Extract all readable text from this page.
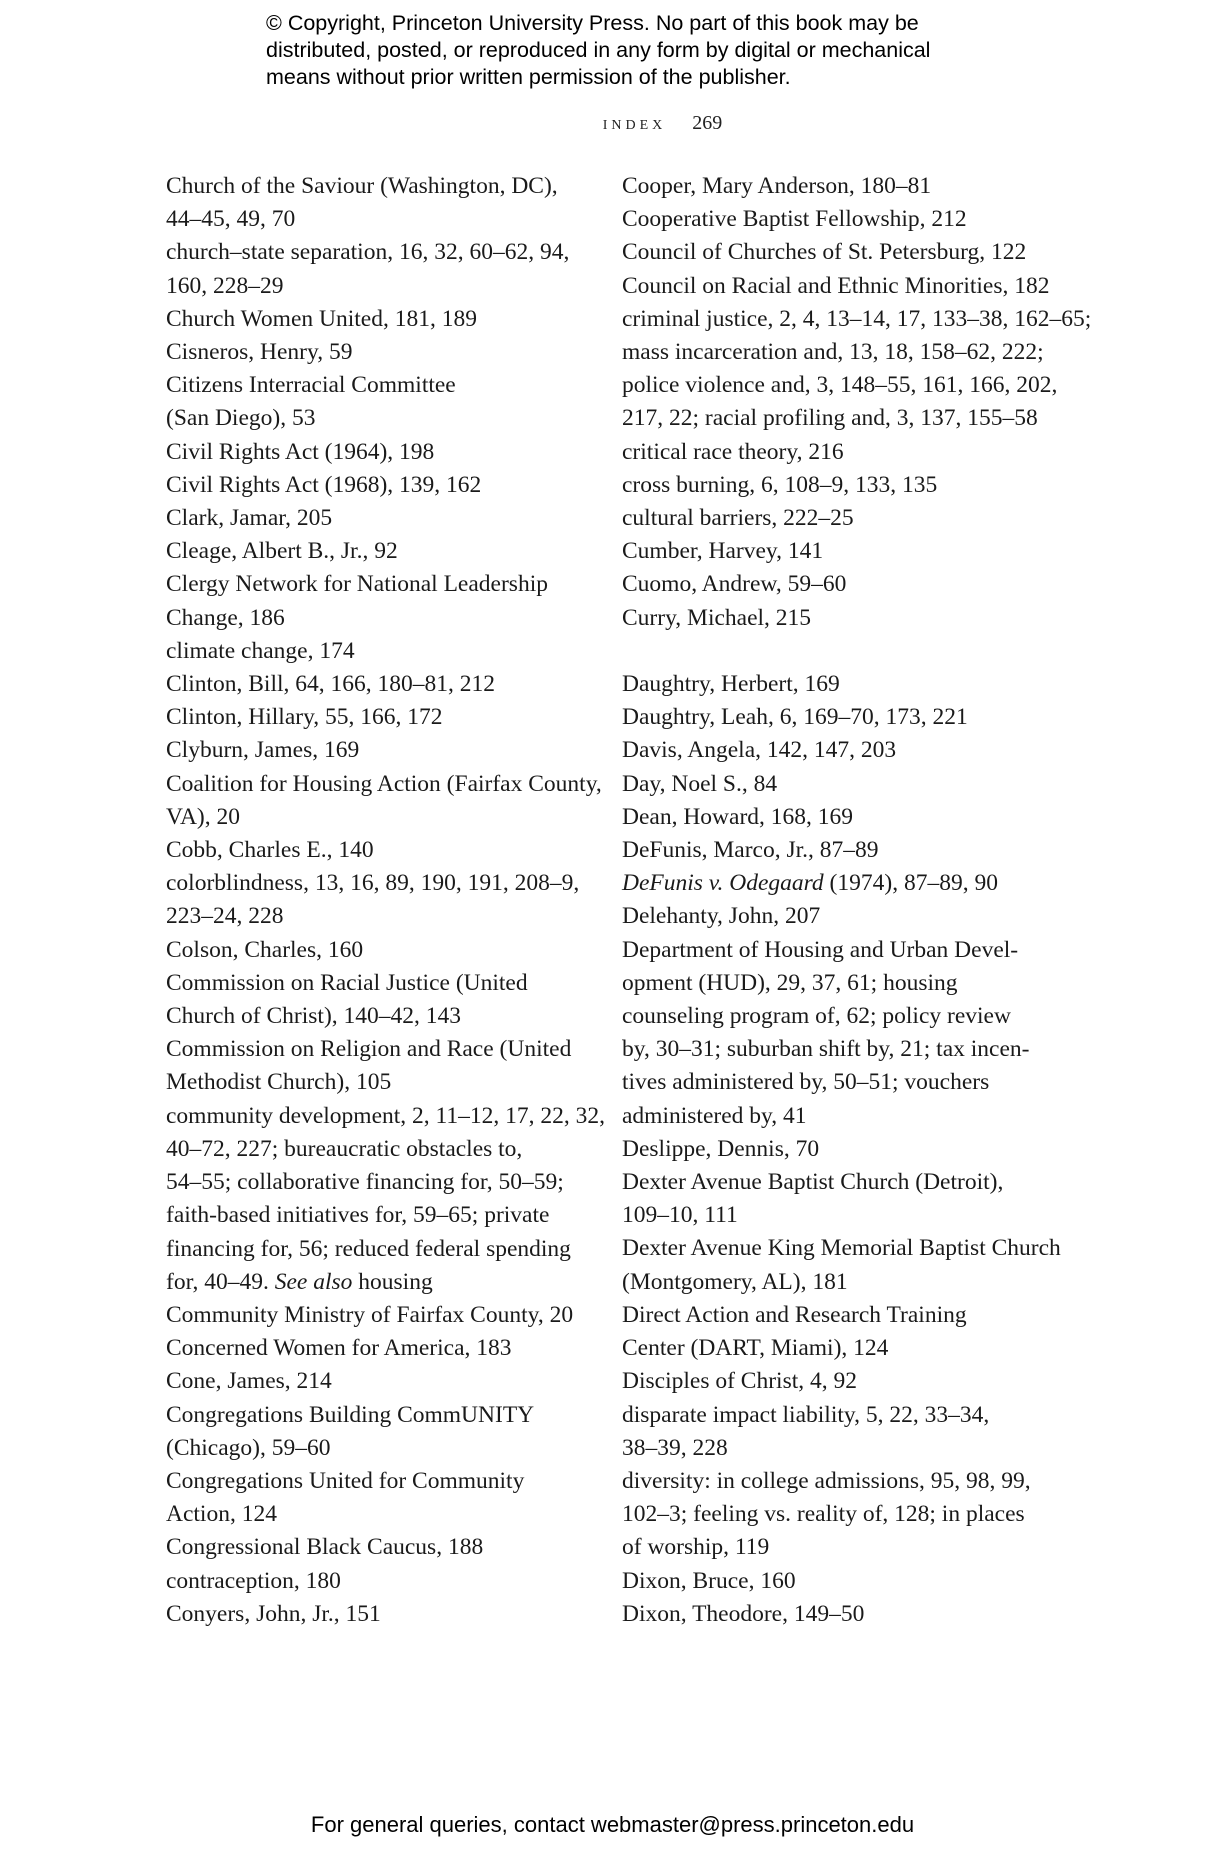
© Copyright, Princeton University Press. No part of this book may be
distributed, posted, or reproduced in any form by digital or mechanical
means without prior written permission of the publisher.
index 269
Church of the Saviour (Washington, DC),
44–45, 49, 70
church–state separation, 16, 32, 60–62, 94,
160, 228–29
Church Women United, 181, 189
Cisneros, Henry, 59
Citizens Interracial Committee
(San Diego), 53
Civil Rights Act (1964), 198
Civil Rights Act (1968), 139, 162
Clark, Jamar, 205
Cleage, Albert B., Jr., 92
Clergy Network for National Leadership
Change, 186
climate change, 174
Clinton, Bill, 64, 166, 180–81, 212
Clinton, Hillary, 55, 166, 172
Clyburn, James, 169
Coalition for Housing Action (Fairfax County,
VA), 20
Cobb, Charles E., 140
colorblindness, 13, 16, 89, 190, 191, 208–9,
223–24, 228
Colson, Charles, 160
Commission on Racial Justice (United
Church of Christ), 140–42, 143
Commission on Religion and Race (United
Methodist Church), 105
community development, 2, 11–12, 17, 22, 32,
40–72, 227; bureaucratic obstacles to,
54–55; collaborative financing for, 50–59;
faith-based initiatives for, 59–65; private
financing for, 56; reduced federal spending
for, 40–49. See also housing
Community Ministry of Fairfax County, 20
Concerned Women for America, 183
Cone, James, 214
Congregations Building CommUNITY
(Chicago), 59–60
Congregations United for Community
Action, 124
Congressional Black Caucus, 188
contraception, 180
Conyers, John, Jr., 151
Cooper, Mary Anderson, 180–81
Cooperative Baptist Fellowship, 212
Council of Churches of St. Petersburg, 122
Council on Racial and Ethnic Minorities, 182
criminal justice, 2, 4, 13–14, 17, 133–38, 162–65;
mass incarceration and, 13, 18, 158–62, 222;
police violence and, 3, 148–55, 161, 166, 202,
217, 22; racial profiling and, 3, 137, 155–58
critical race theory, 216
cross burning, 6, 108–9, 133, 135
cultural barriers, 222–25
Cumber, Harvey, 141
Cuomo, Andrew, 59–60
Curry, Michael, 215
Daughtry, Herbert, 169
Daughtry, Leah, 6, 169–70, 173, 221
Davis, Angela, 142, 147, 203
Day, Noel S., 84
Dean, Howard, 168, 169
DeFunis, Marco, Jr., 87–89
DeFunis v. Odegaard (1974), 87–89, 90
Delehanty, John, 207
Department of Housing and Urban Devel-
opment (HUD), 29, 37, 61; housing
counseling program of, 62; policy review
by, 30–31; suburban shift by, 21; tax incen-
tives administered by, 50–51; vouchers
administered by, 41
Deslippe, Dennis, 70
Dexter Avenue Baptist Church (Detroit),
109–10, 111
Dexter Avenue King Memorial Baptist Church
(Montgomery, AL), 181
Direct Action and Research Training
Center (DART, Miami), 124
Disciples of Christ, 4, 92
disparate impact liability, 5, 22, 33–34,
38–39, 228
diversity: in college admissions, 95, 98, 99,
102–3; feeling vs. reality of, 128; in places
of worship, 119
Dixon, Bruce, 160
Dixon, Theodore, 149–50
For general queries, contact webmaster@press.princeton.edu
